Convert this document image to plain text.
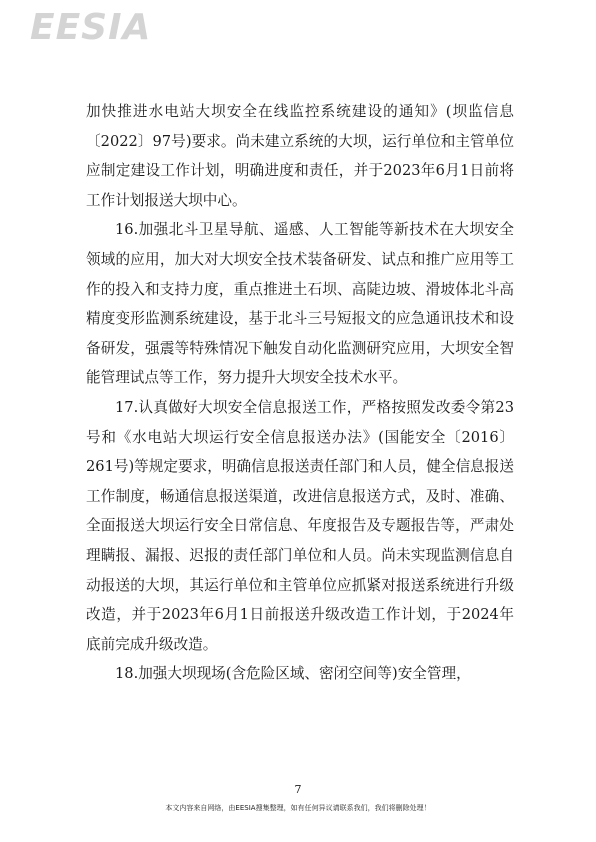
EESIA

加快推进水电站大坝安全在线监控系统建设的通知》(坝监信息〔2022〕97号)要求。尚未建立系统的大坝，运行单位和主管单位应制定建设工作计划，明确进度和责任，并于2023年6月1日前将工作计划报送大坝中心。

16.加强北斗卫星导航、遥感、人工智能等新技术在大坝安全领域的应用，加大对大坝安全技术装备研发、试点和推广应用等工作的投入和支持力度，重点推进土石坝、高陡边坡、滑坡体北斗高精度变形监测系统建设，基于北斗三号短报文的应急通讯技术和设备研发，强震等特殊情况下触发自动化监测研究应用，大坝安全智能管理试点等工作，努力提升大坝安全技术水平。

17.认真做好大坝安全信息报送工作，严格按照发改委令第23号和《水电站大坝运行安全信息报送办法》(国能安全〔2016〕261号)等规定要求，明确信息报送责任部门和人员，健全信息报送工作制度，畅通信息报送渠道，改进信息报送方式，及时、准确、全面报送大坝运行安全日常信息、年度报告及专题报告等，严肃处理瞒报、漏报、迟报的责任部门单位和人员。尚未实现监测信息自动报送的大坝，其运行单位和主管单位应抓紧对报送系统进行升级改造，并于2023年6月1日前报送升级改造工作计划，于2024年底前完成升级改造。

18.加强大坝现场(含危险区域、密闭空间等)安全管理，

7
本文内容来自网络，由EESIA搜集整理，如有任何异议请联系我们，我们将删除处理！
